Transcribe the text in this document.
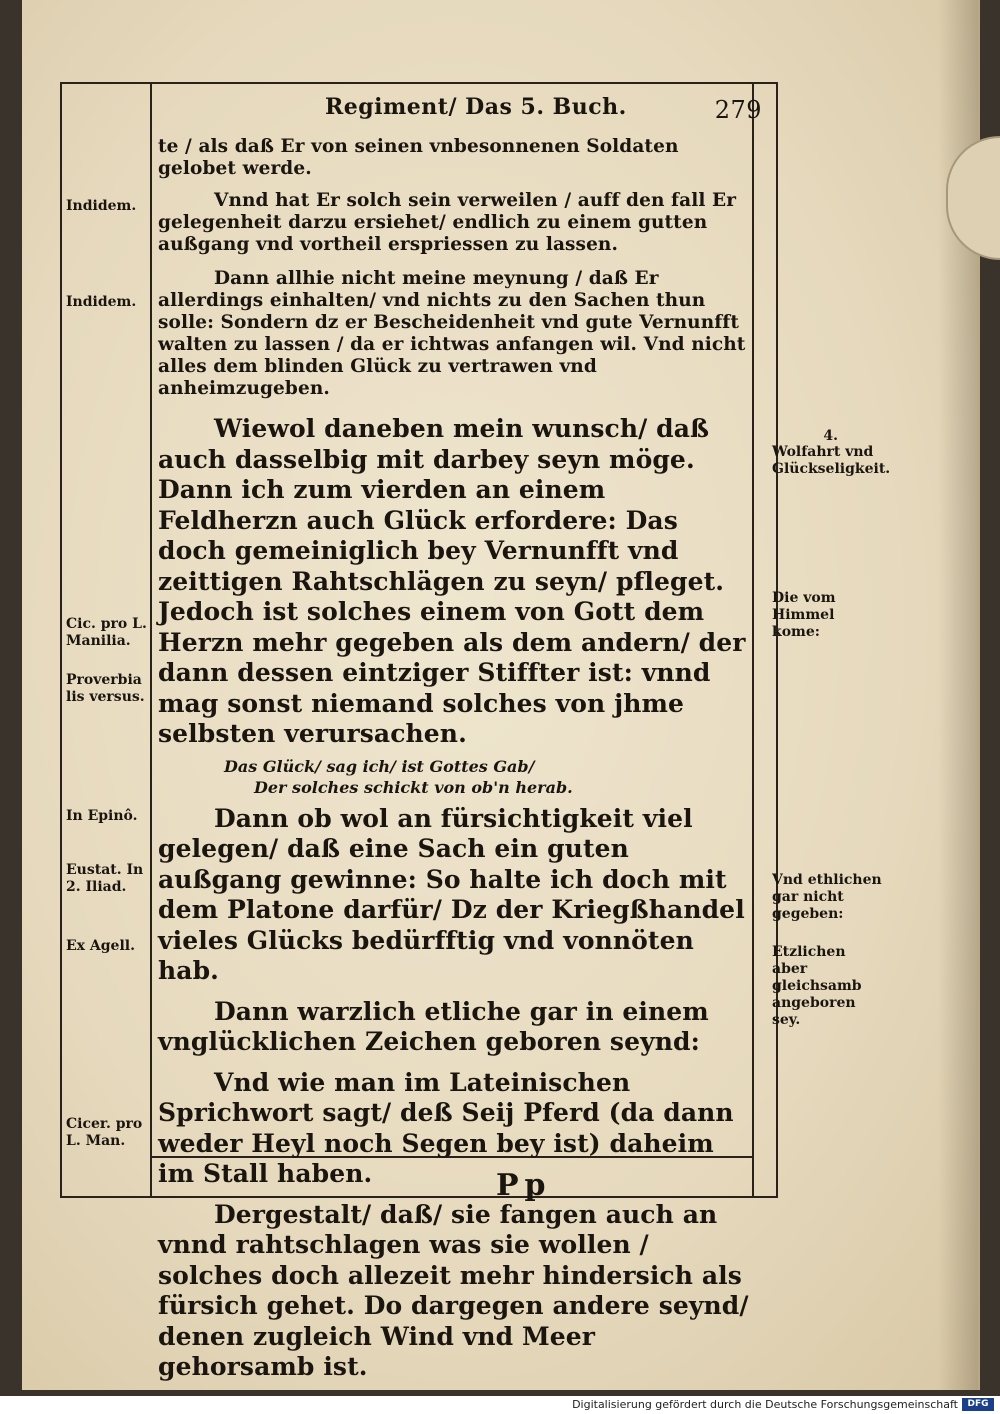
Regiment/ Das 5. Buch.	279

te / als daß Er von seinen vnbesonnenen Soldaten gelobet werde.

Vnnd hat Er solch sein verweilen / auff den fall Er gelegenheit darzu ersiehet/ endlich zu einem gutten außgang vnd vortheil erspriessen zu lassen.

Dann allhie nicht meine meynung / daß Er allerdings einhalten/ vnd nichts zu den Sachen thun solle: Sondern dz er Bescheidenheit vnd gute Vernunfft walten zu lassen / da er ichtwas anfangen wil. Vnd nicht alles dem blinden Glück zu vertrawen vnd anheimzugeben.

Wiewol daneben mein wunsch/ daß auch dasselbig mit darbey seyn möge. Dann ich zum vierden an einem Feldherzn auch Glück erfordere: Das doch gemeiniglich bey Vernunfft vnd zeittigen Rahtschlägen zu seyn/ pfleget. Jedoch ist solches einem von Gott dem Herzn mehr gegeben als dem andern/ der dann dessen eintziger Stiffter ist: vnnd mag sonst niemand solches von jhme selbsten verursachen.

Das Glück/ sag ich/ ist Gottes Gab/

Der solches schickt von ob'n herab.

Dann ob wol an fürsichtigkeit viel gelegen/ daß eine Sach ein guten außgang gewinne: So halte ich doch mit dem Platone darfür/ Dz der Kriegßhandel vieles Glücks bedürfftig vnd vonnöten hab.

Dann warzlich etliche gar in einem vnglücklichen Zeichen geboren seynd:

Vnd wie man im Lateinischen Sprichwort sagt/ deß Seij Pferd (da dann weder Heyl noch Segen bey ist) daheim im Stall haben.

Dergestalt/ daß/ sie fangen auch an vnnd rahtschlagen was sie wollen / solches doch allezeit mehr hindersich als fürsich gehet. Do dargegen andere seynd/ denen zugleich Wind vnd Meer gehorsamb ist.

Indidem.
Indidem.
Cic. pro L. Manilia.
Proverbia lis versus.
In Epinô.
Eustat. In 2. Iliad.
Ex Agell.
Cicer. pro L. Man.
4.
Wolfahrt vnd Glückseligkeit.
Die vom Himmel kome:
Vnd ethlichen gar nicht gegeben:
Etzlichen aber gleichsamb angeboren sey.
Pp
Digitalisierung gefördert durch die Deutsche Forschungsgemeinschaft	DFG
